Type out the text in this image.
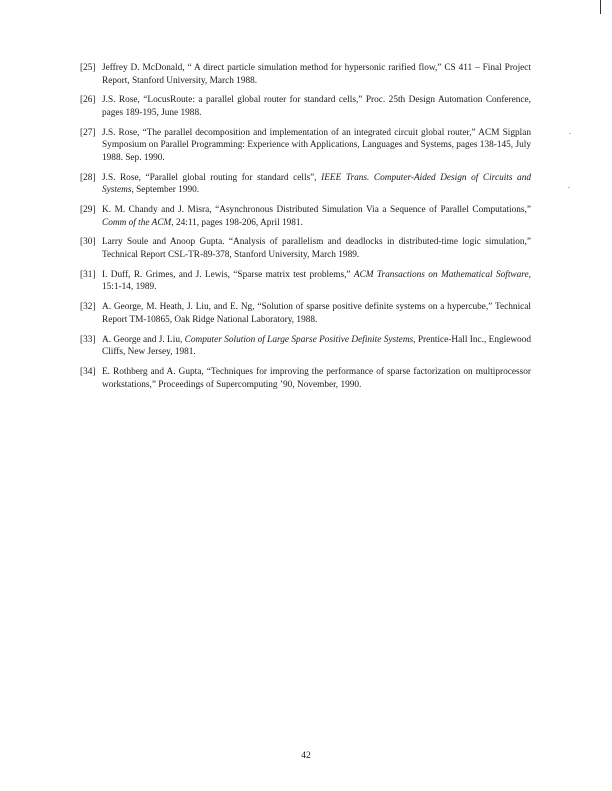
[25] Jeffrey D. McDonald, “ A direct particle simulation method for hypersonic rarified flow,” CS 411 – Final Project Report, Stanford University, March 1988.
[26] J.S. Rose, “LocusRoute: a parallel global router for standard cells,” Proc. 25th Design Automation Conference, pages 189-195, June 1988.
[27] J.S. Rose, “The parallel decomposition and implementation of an integrated circuit global router,” ACM Sigplan Symposium on Parallel Programming: Experience with Applications, Languages and Systems, pages 138-145, July 1988. Sep. 1990.
[28] J.S. Rose, “Parallel global routing for standard cells”, IEEE Trans. Computer-Aided Design of Circuits and Systems, September 1990.
[29] K. M. Chandy and J. Misra, “Asynchronous Distributed Simulation Via a Sequence of Parallel Computations,” Comm of the ACM, 24:11, pages 198-206, April 1981.
[30] Larry Soule and Anoop Gupta. “Analysis of parallelism and deadlocks in distributed-time logic simulation,” Technical Report CSL-TR-89-378, Stanford University, March 1989.
[31] I. Duff, R. Grimes, and J. Lewis, “Sparse matrix test problems,” ACM Transactions on Mathematical Software, 15:1-14, 1989.
[32] A. George, M. Heath, J. Liu, and E. Ng, “Solution of sparse positive definite systems on a hypercube,” Technical Report TM-10865, Oak Ridge National Laboratory, 1988.
[33] A. George and J. Liu, Computer Solution of Large Sparse Positive Definite Systems, Prentice-Hall Inc., Englewood Cliffs, New Jersey, 1981.
[34] E. Rothberg and A. Gupta, “Techniques for improving the performance of sparse factorization on multiprocessor workstations,” Proceedings of Supercomputing ’90, November, 1990.
42
